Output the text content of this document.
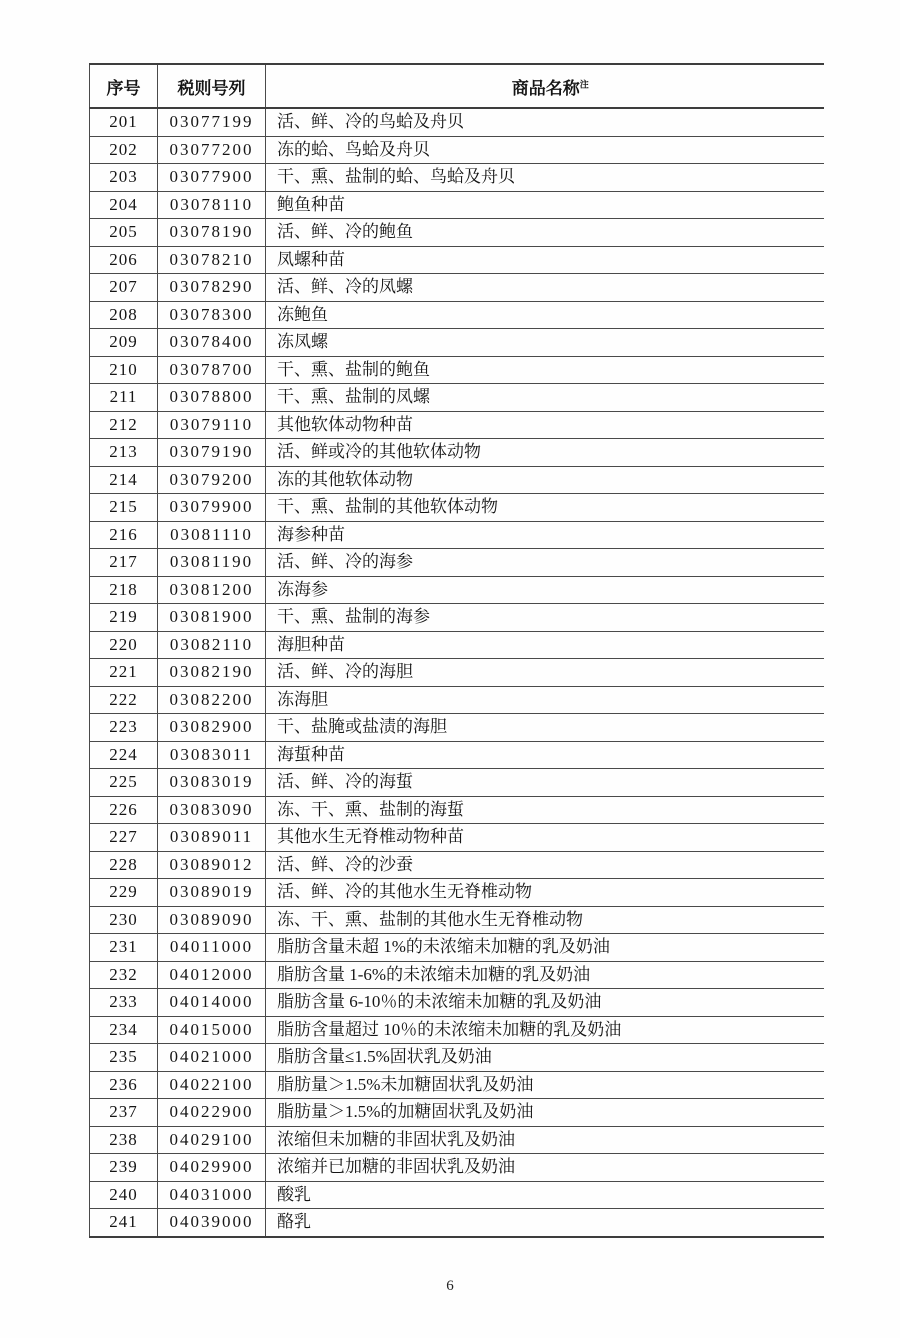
序号	税则号列	商品名称$^注$
201	03077199	活、鲜、冷的鸟蛤及舟贝
202	03077200	冻的蛤、鸟蛤及舟贝
203	03077900	干、熏、盐制的蛤、鸟蛤及舟贝
204	03078110	鲍鱼种苗
205	03078190	活、鲜、冷的鲍鱼
206	03078210	凤螺种苗
207	03078290	活、鲜、冷的凤螺
208	03078300	冻鲍鱼
209	03078400	冻凤螺
210	03078700	干、熏、盐制的鲍鱼
211	03078800	干、熏、盐制的凤螺
212	03079110	其他软体动物种苗
213	03079190	活、鲜或冷的其他软体动物
214	03079200	冻的其他软体动物
215	03079900	干、熏、盐制的其他软体动物
216	03081110	海参种苗
217	03081190	活、鲜、冷的海参
218	03081200	冻海参
219	03081900	干、熏、盐制的海参
220	03082110	海胆种苗
221	03082190	活、鲜、冷的海胆
222	03082200	冻海胆
223	03082900	干、盐腌或盐渍的海胆
224	03083011	海蜇种苗
225	03083019	活、鲜、冷的海蜇
226	03083090	冻、干、熏、盐制的海蜇
227	03089011	其他水生无脊椎动物种苗
228	03089012	活、鲜、冷的沙蚕
229	03089019	活、鲜、冷的其他水生无脊椎动物
230	03089090	冻、干、熏、盐制的其他水生无脊椎动物
231	04011000	脂肪含量未超 1%的未浓缩未加糖的乳及奶油
232	04012000	脂肪含量 1-6%的未浓缩未加糖的乳及奶油
233	04014000	脂肪含量 6-10％的未浓缩未加糖的乳及奶油
234	04015000	脂肪含量超过 10％的未浓缩未加糖的乳及奶油
235	04021000	脂肪含量≤1.5%固状乳及奶油
236	04022100	脂肪量＞1.5%未加糖固状乳及奶油
237	04022900	脂肪量＞1.5%的加糖固状乳及奶油
238	04029100	浓缩但未加糖的非固状乳及奶油
239	04029900	浓缩并已加糖的非固状乳及奶油
240	04031000	酸乳
241	04039000	酪乳
6
